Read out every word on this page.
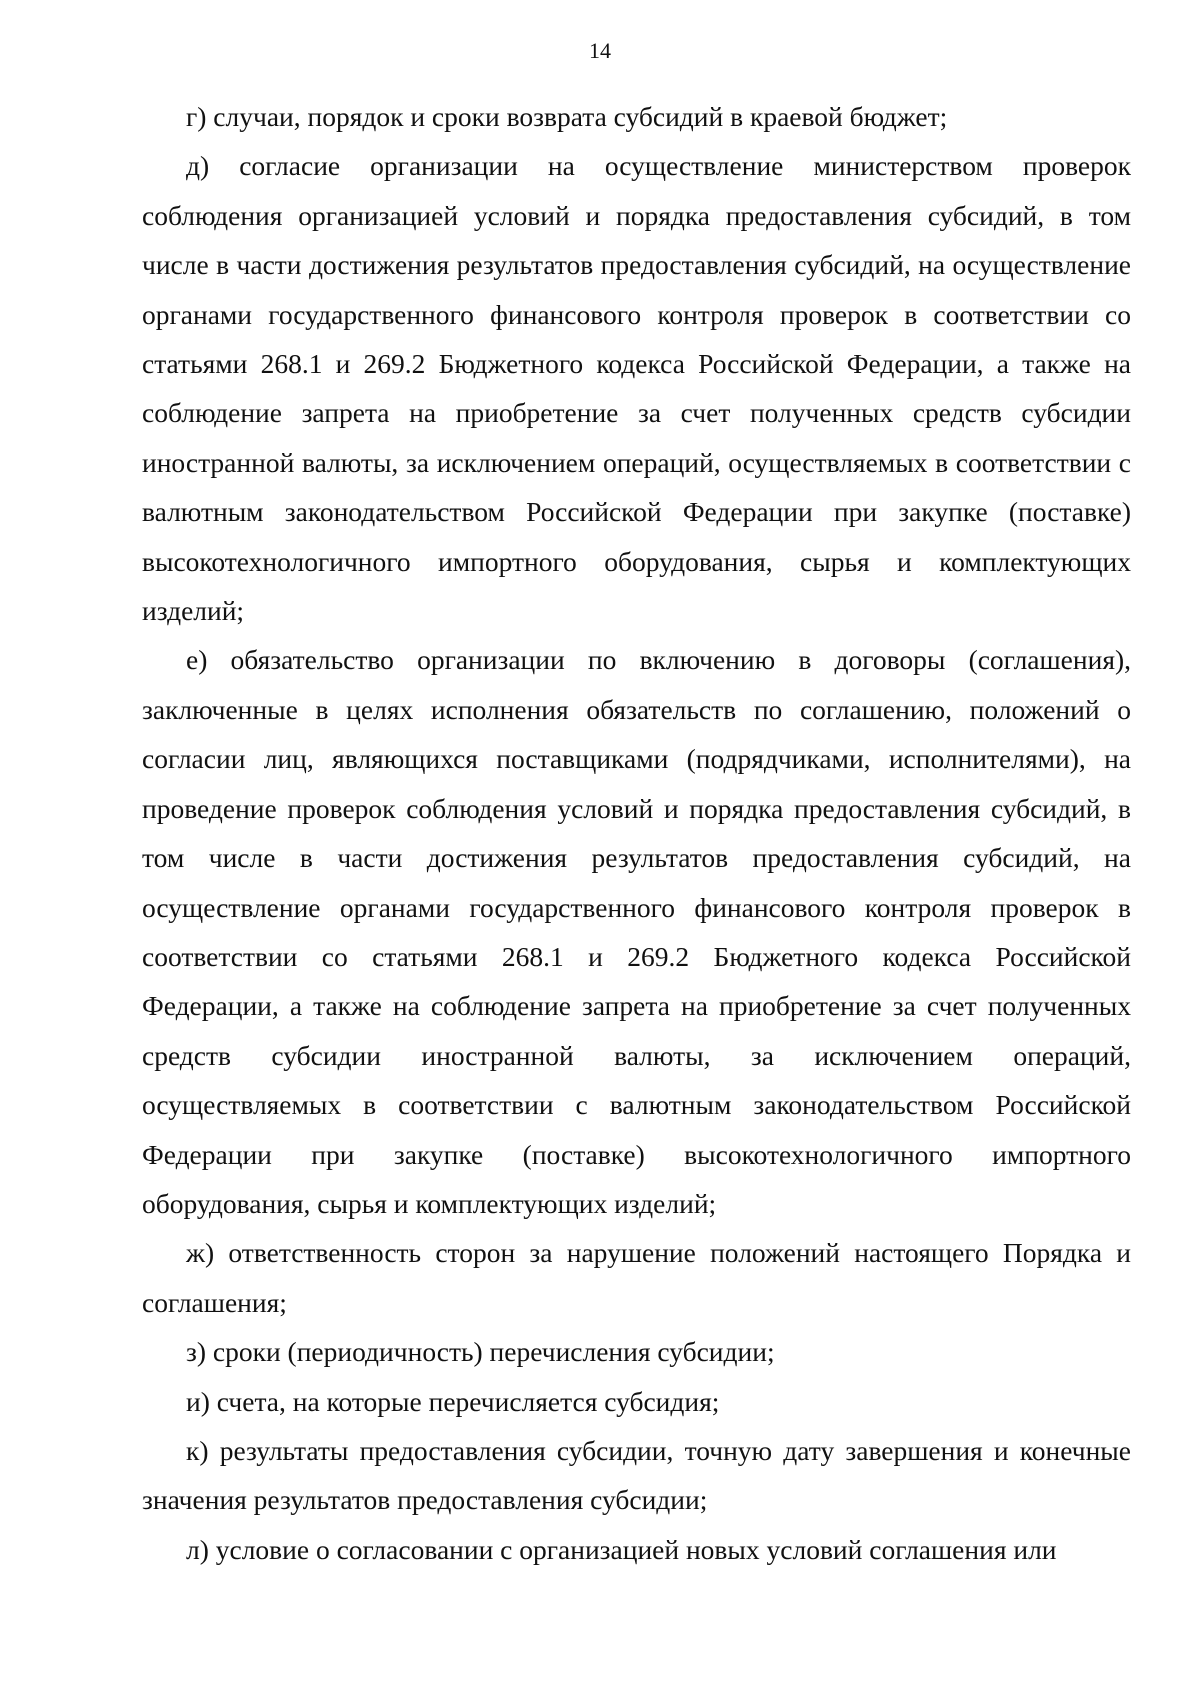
14

г) случаи, порядок и сроки возврата субсидий в краевой бюджет;

д) согласие организации на осуществление министерством проверок соблюдения организацией условий и порядка предоставления субсидий, в том числе в части достижения результатов предоставления субсидий, на осуществление органами государственного финансового контроля проверок в соответствии со статьями 268.1 и 269.2 Бюджетного кодекса Российской Федерации, а также на соблюдение запрета на приобретение за счет полученных средств субсидии иностранной валюты, за исключением операций, осуществляемых в соответствии с валютным законодательством Российской Федерации при закупке (поставке) высокотехнологичного импортного оборудования, сырья и комплектующих изделий;

е) обязательство организации по включению в договоры (соглашения), заключенные в целях исполнения обязательств по соглашению, положений о согласии лиц, являющихся поставщиками (подрядчиками, исполнителями), на проведение проверок соблюдения условий и порядка предоставления субсидий, в том числе в части достижения результатов предоставления субсидий, на осуществление органами государственного финансового контроля проверок в соответствии со статьями 268.1 и 269.2 Бюджетного кодекса Российской Федерации, а также на соблюдение запрета на приобретение за счет полученных средств субсидии иностранной валюты, за исключением операций, осуществляемых в соответствии с валютным законодательством Российской Федерации при закупке (поставке) высокотехнологичного импортного оборудования, сырья и комплектующих изделий;

ж) ответственность сторон за нарушение положений настоящего Порядка и соглашения;

з) сроки (периодичность) перечисления субсидии;

и) счета, на которые перечисляется субсидия;

к) результаты предоставления субсидии, точную дату завершения и конечные значения результатов предоставления субсидии;

л) условие о согласовании с организацией новых условий соглашения или
